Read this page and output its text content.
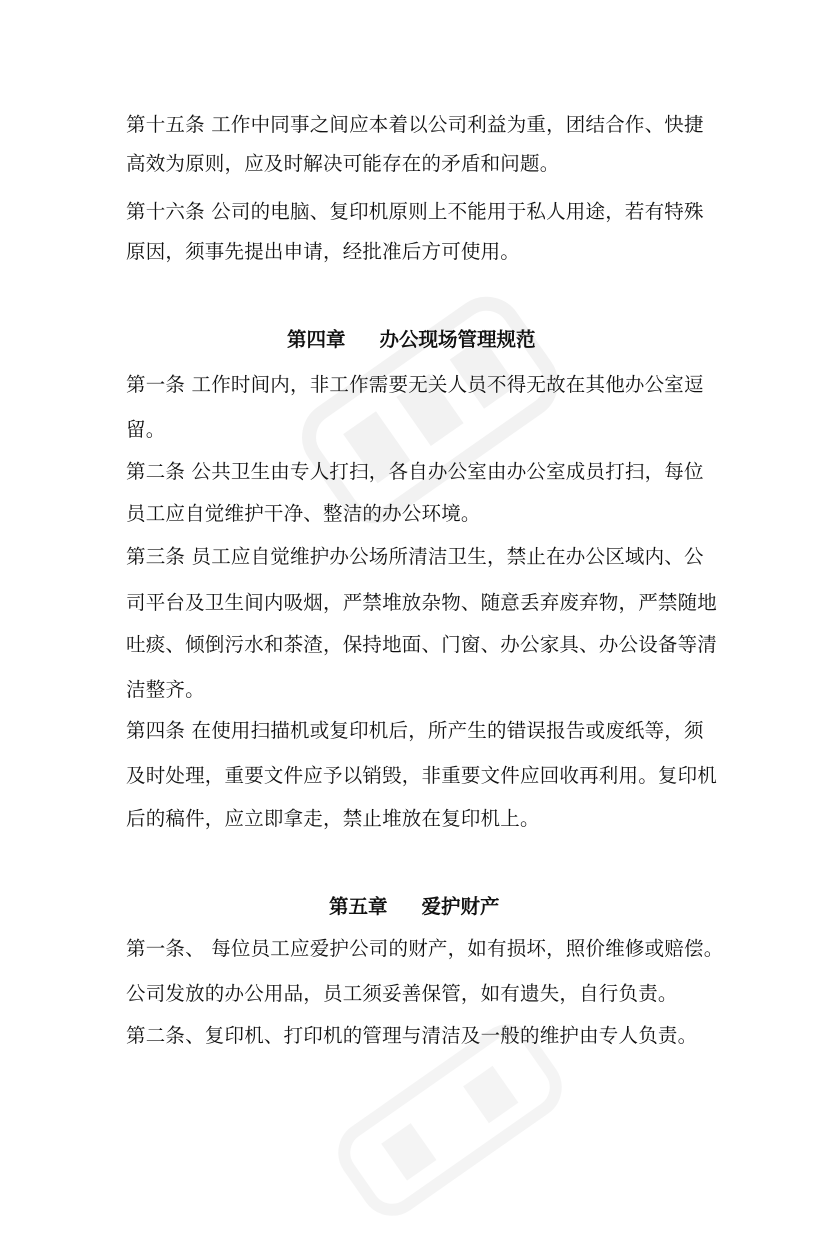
第十五条 工作中同事之间应本着以公司利益为重，团结合作、快捷
高效为原则，应及时解决可能存在的矛盾和问题。
第十六条 公司的电脑、复印机原则上不能用于私人用途，若有特殊
原因，须事先提出申请，经批准后方可使用。
第四章 办公现场管理规范
第一条 工作时间内，非工作需要无关人员不得无故在其他办公室逗
留。
第二条 公共卫生由专人打扫，各自办公室由办公室成员打扫，每位
员工应自觉维护干净、整洁的办公环境。
第三条 员工应自觉维护办公场所清洁卫生，禁止在办公区域内、公
司平台及卫生间内吸烟，严禁堆放杂物、随意丢弃废弃物，严禁随地
吐痰、倾倒污水和茶渣，保持地面、门窗、办公家具、办公设备等清
洁整齐。
第四条 在使用扫描机或复印机后，所产生的错误报告或废纸等，须
及时处理，重要文件应予以销毁，非重要文件应回收再利用。复印机
后的稿件，应立即拿走，禁止堆放在复印机上。
第五章 爱护财产
第一条、 每位员工应爱护公司的财产，如有损坏，照价维修或赔偿。
公司发放的办公用品，员工须妥善保管，如有遗失，自行负责。
第二条、复印机、打印机的管理与清洁及一般的维护由专人负责。
